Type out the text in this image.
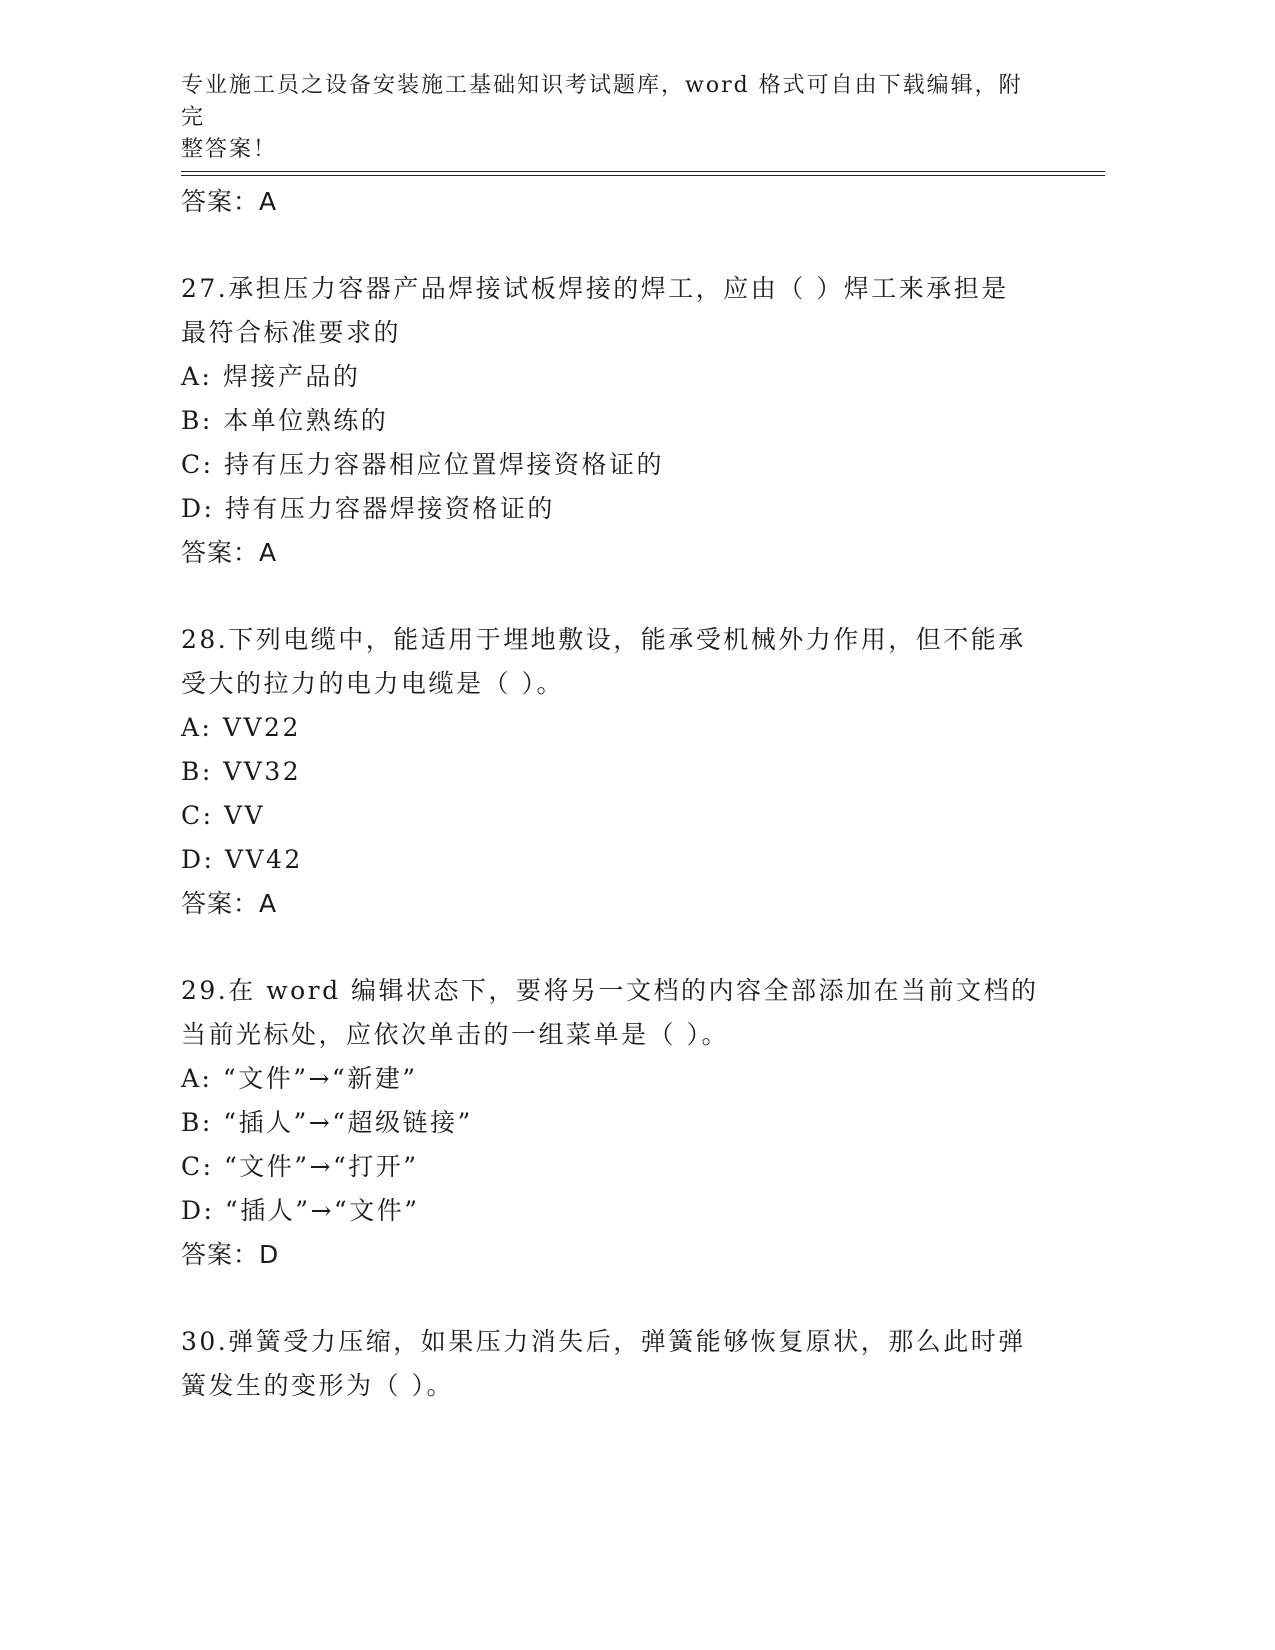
专业施工员之设备安装施工基础知识考试题库，word 格式可自由下载编辑，附完
整答案！
答案：A
27.承担压力容器产品焊接试板焊接的焊工，应由（ ）焊工来承担是
最符合标准要求的
A: 焊接产品的
B: 本单位熟练的
C: 持有压力容器相应位置焊接资格证的
D: 持有压力容器焊接资格证的
答案：A
28.下列电缆中，能适用于埋地敷设，能承受机械外力作用，但不能承
受大的拉力的电力电缆是（ ）。
A: VV22
B: VV32
C: VV
D: VV42
答案：A
29.在 word 编辑状态下，要将另一文档的内容全部添加在当前文档的
当前光标处，应依次单击的一组菜单是（ ）。
A: “文件”→“新建”
B: “插人”→“超级链接”
C: “文件”→“打开”
D: “插人”→“文件”
答案：D
30.弹簧受力压缩，如果压力消失后，弹簧能够恢复原状，那么此时弹
簧发生的变形为（ ）。
